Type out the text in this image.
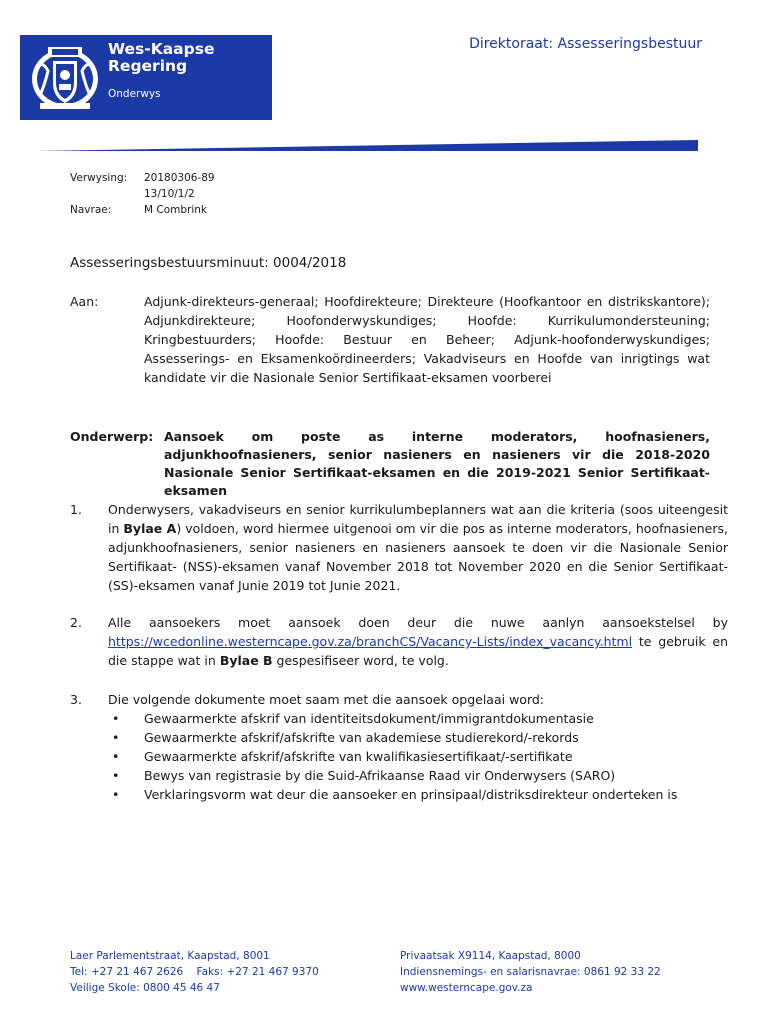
Wes-Kaapse
Regering
Onderwys
Direktoraat: Assesseringsbestuur
Verwysing:	20180306-89
13/10/1/2
Navrae:	M Combrink
Assesseringsbestuursminuut: 0004/2018
Aan:	Adjunk-direkteurs-generaal; Hoofdirekteure; Direkteure (Hoofkantoor en distrikskantore); Adjunkdirekteure; Hoofonderwyskundiges; Hoofde: Kurrikulumondersteuning; Kringbestuurders; Hoofde: Bestuur en Beheer; Adjunk-hoofonderwyskundiges; Assesserings- en Eksamenkoördineerders; Vakadviseurs en Hoofde van inrigtings wat kandidate vir die Nasionale Senior Sertifikaat-eksamen voorberei
Onderwerp: Aansoek om poste as interne moderators, hoofnasieners, adjunkhoofnasieners, senior nasieners en nasieners vir die 2018-2020 Nasionale Senior Sertifikaat-eksamen en die 2019-2021 Senior Sertifikaat-eksamen
1.	Onderwysers, vakadviseurs en senior kurrikulumbeplanners wat aan die kriteria (soos uiteengesit in Bylae A) voldoen, word hiermee uitgenooi om vir die pos as interne moderators, hoofnasieners, adjunkhoofnasieners, senior nasieners en nasieners aansoek te doen vir die Nasionale Senior Sertifikaat- (NSS)-eksamen vanaf November 2018 tot November 2020 en die Senior Sertifikaat- (SS)-eksamen vanaf Junie 2019 tot Junie 2021.
2.	Alle aansoekers moet aansoek doen deur die nuwe aanlyn aansoekstelsel by https://wcedonline.westerncape.gov.za/branchCS/Vacancy-Lists/index_vacancy.html te gebruik en die stappe wat in Bylae B gespesifiseer word, te volg.
3.	Die volgende dokumente moet saam met die aansoek opgelaai word:
• Gewaarmerkte afskrif van identiteitsdokument/immigrantdokumentasie
• Gewaarmerkte afskrif/afskrifte van akademiese studierekord/-rekords
• Gewaarmerkte afskrif/afskrifte van kwalifikasiesertifikaat/-sertifikate
• Bewys van registrasie by die Suid-Afrikaanse Raad vir Onderwysers (SARO)
• Verklaringsvorm wat deur die aansoeker en prinsipaal/distriksdirekteur onderteken is
Laer Parlementstraat, Kaapstad, 8001
Tel: +27 21 467 2626    Faks: +27 21 467 9370
Veilige Skole: 0800 45 46 47
Privaatsak X9114, Kaapstad, 8000
Indiensnemings- en salarisnavrae: 0861 92 33 22
www.westerncape.gov.za
